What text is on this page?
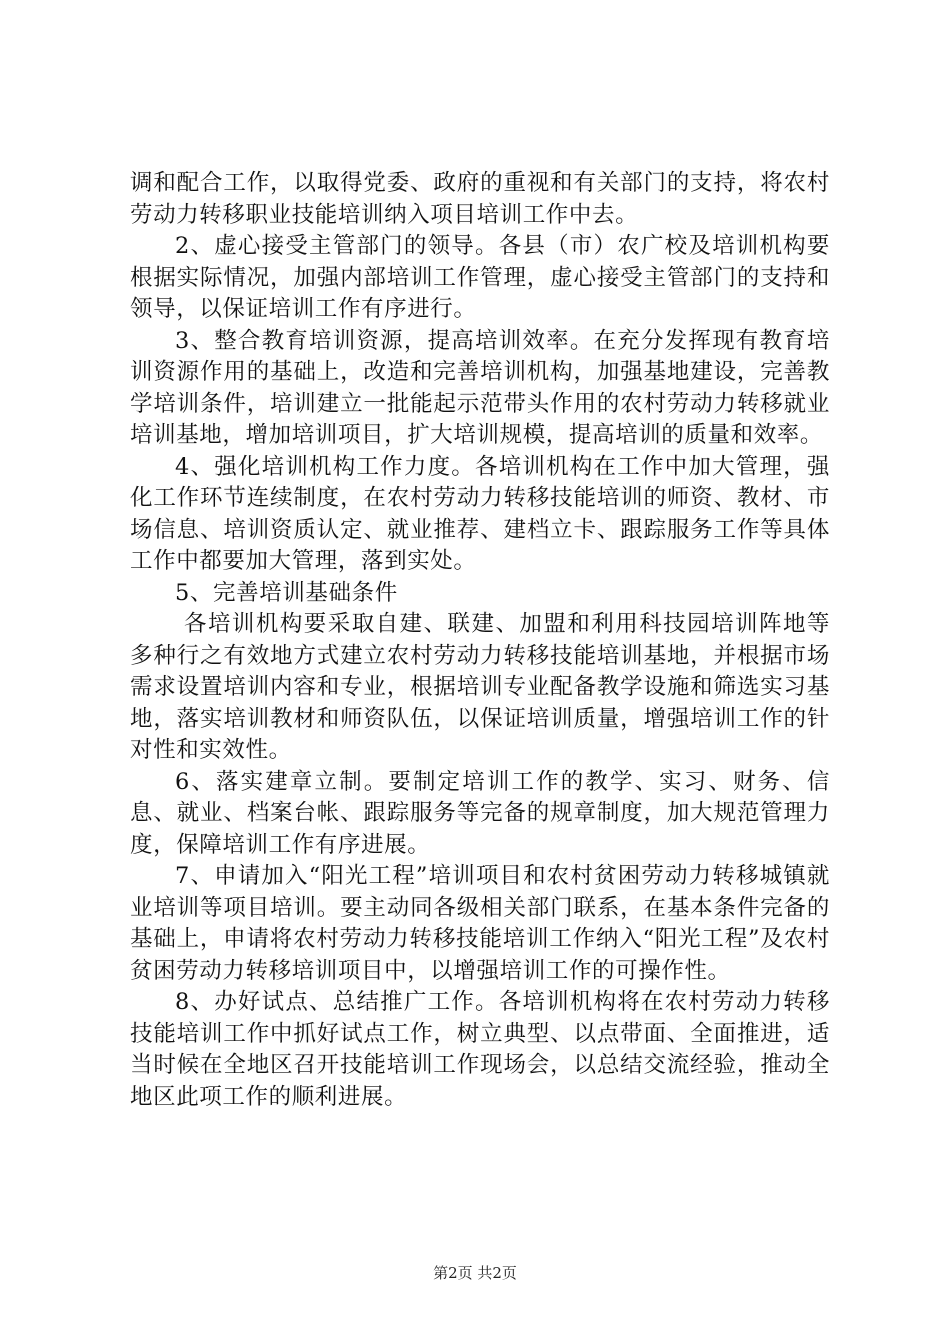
调和配合工作，以取得党委、政府的重视和有关部门的支持，将农村劳动力转移职业技能培训纳入项目培训工作中去。

2、虚心接受主管部门的领导。各县（市）农广校及培训机构要根据实际情况，加强内部培训工作管理，虚心接受主管部门的支持和领导，以保证培训工作有序进行。

3、整合教育培训资源，提高培训效率。在充分发挥现有教育培训资源作用的基础上，改造和完善培训机构，加强基地建设，完善教学培训条件，培训建立一批能起示范带头作用的农村劳动力转移就业培训基地，增加培训项目，扩大培训规模，提高培训的质量和效率。

4、强化培训机构工作力度。各培训机构在工作中加大管理，强化工作环节连续制度，在农村劳动力转移技能培训的师资、教材、市场信息、培训资质认定、就业推荐、建档立卡、跟踪服务工作等具体工作中都要加大管理，落到实处。

5、完善培训基础条件

各培训机构要采取自建、联建、加盟和利用科技园培训阵地等多种行之有效地方式建立农村劳动力转移技能培训基地，并根据市场需求设置培训内容和专业，根据培训专业配备教学设施和筛选实习基地，落实培训教材和师资队伍，以保证培训质量，增强培训工作的针对性和实效性。

6、落实建章立制。要制定培训工作的教学、实习、财务、信息、就业、档案台帐、跟踪服务等完备的规章制度，加大规范管理力度，保障培训工作有序进展。

7、申请加入“阳光工程”培训项目和农村贫困劳动力转移城镇就业培训等项目培训。要主动同各级相关部门联系，在基本条件完备的基础上，申请将农村劳动力转移技能培训工作纳入“阳光工程”及农村贫困劳动力转移培训项目中，以增强培训工作的可操作性。

8、办好试点、总结推广工作。各培训机构将在农村劳动力转移技能培训工作中抓好试点工作，树立典型、以点带面、全面推进，适当时候在全地区召开技能培训工作现场会，以总结交流经验，推动全地区此项工作的顺利进展。

第2页 共2页
